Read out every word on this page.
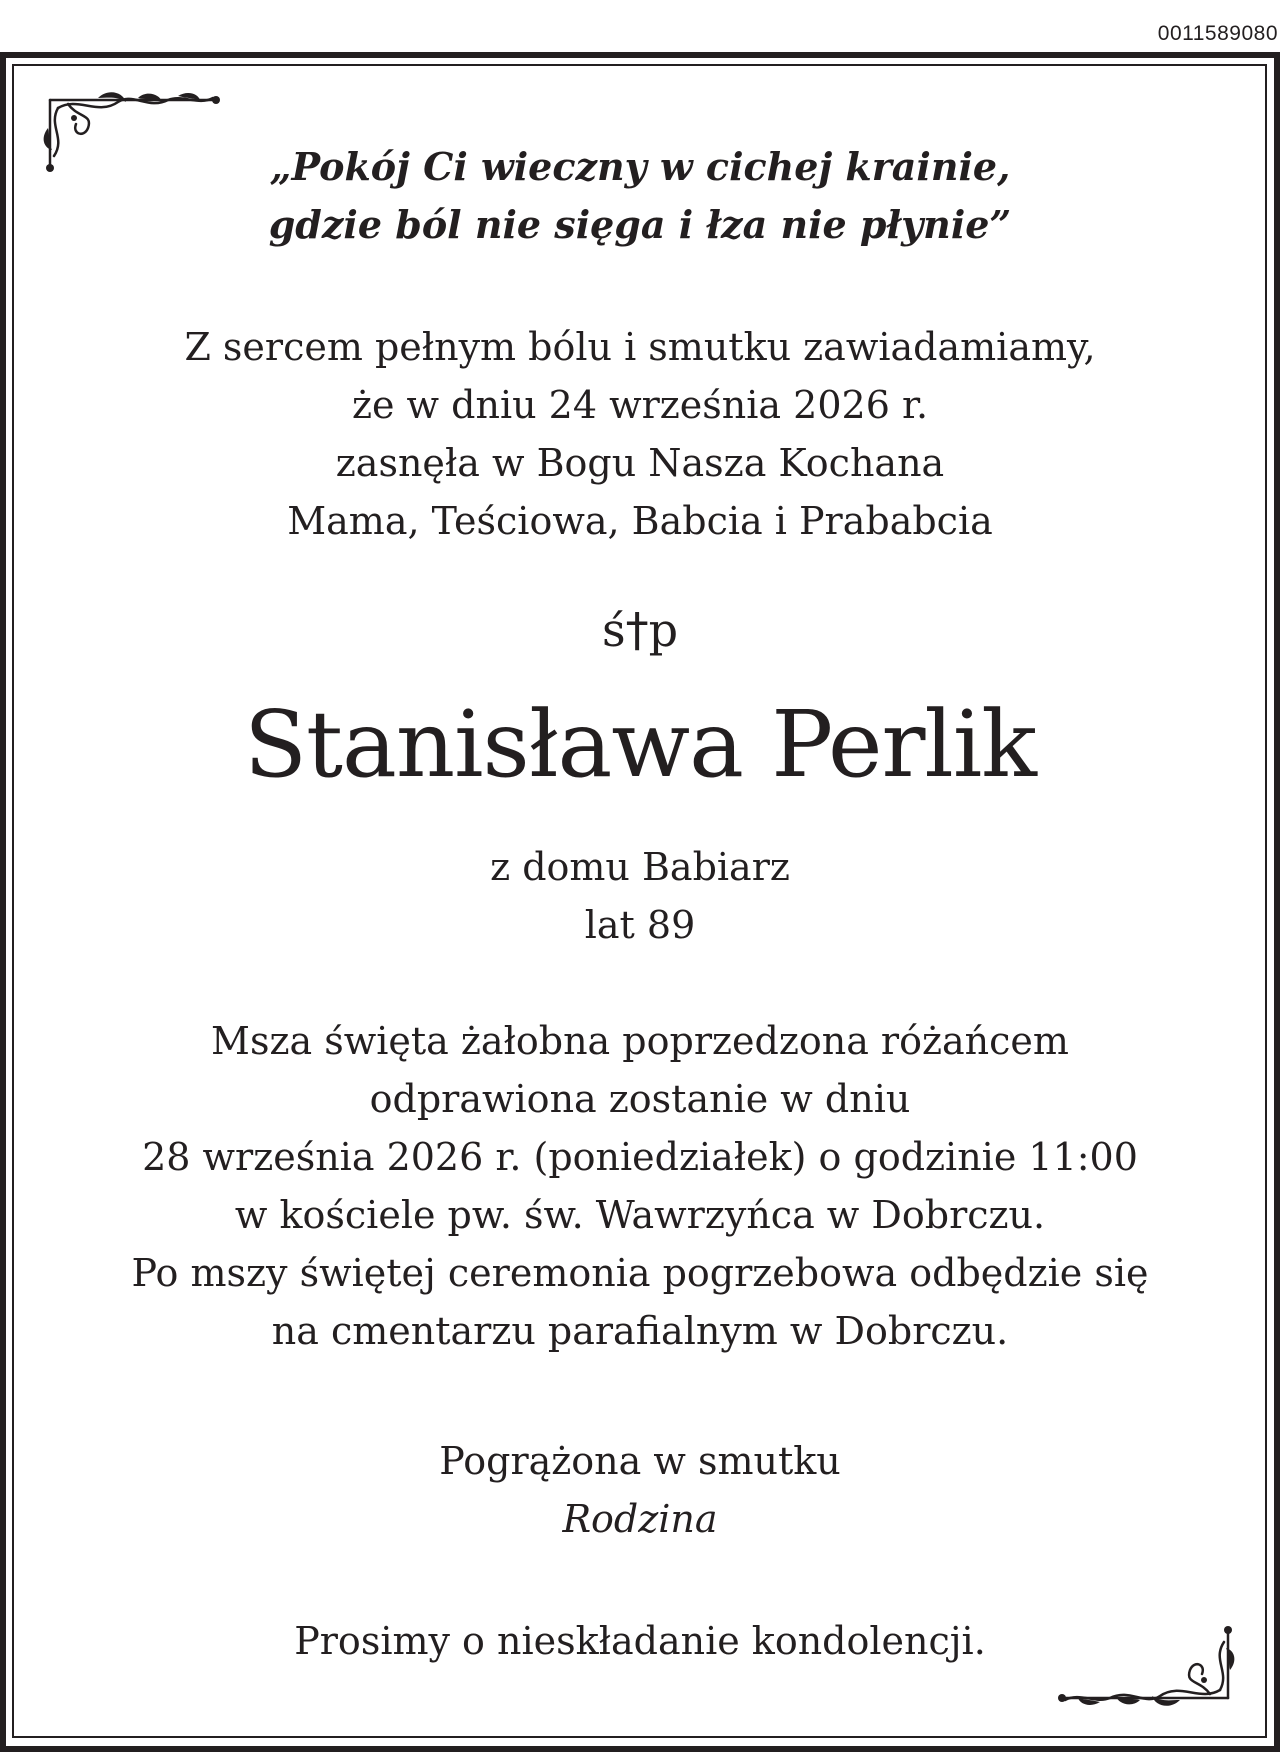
0011589080
„Pokój Ci wieczny w cichej krainie,
gdzie ból nie sięga i łza nie płynie”
Z sercem pełnym bólu i smutku zawiadamiamy,
że w dniu 24 września 2026 r.
zasnęła w Bogu Nasza Kochana
Mama, Teściowa, Babcia i Prababcia
ś†p
Stanisława Perlik
z domu Babiarz
lat 89
Msza święta żałobna poprzedzona różańcem
odprawiona zostanie w dniu
28 września 2026 r. (poniedziałek) o godzinie 11:00
w kościele pw. św. Wawrzyńca w Dobrczu.
Po mszy świętej ceremonia pogrzebowa odbędzie się
na cmentarzu parafialnym w Dobrczu.
Pogrążona w smutku
Rodzina
Prosimy o nieskładanie kondolencji.
